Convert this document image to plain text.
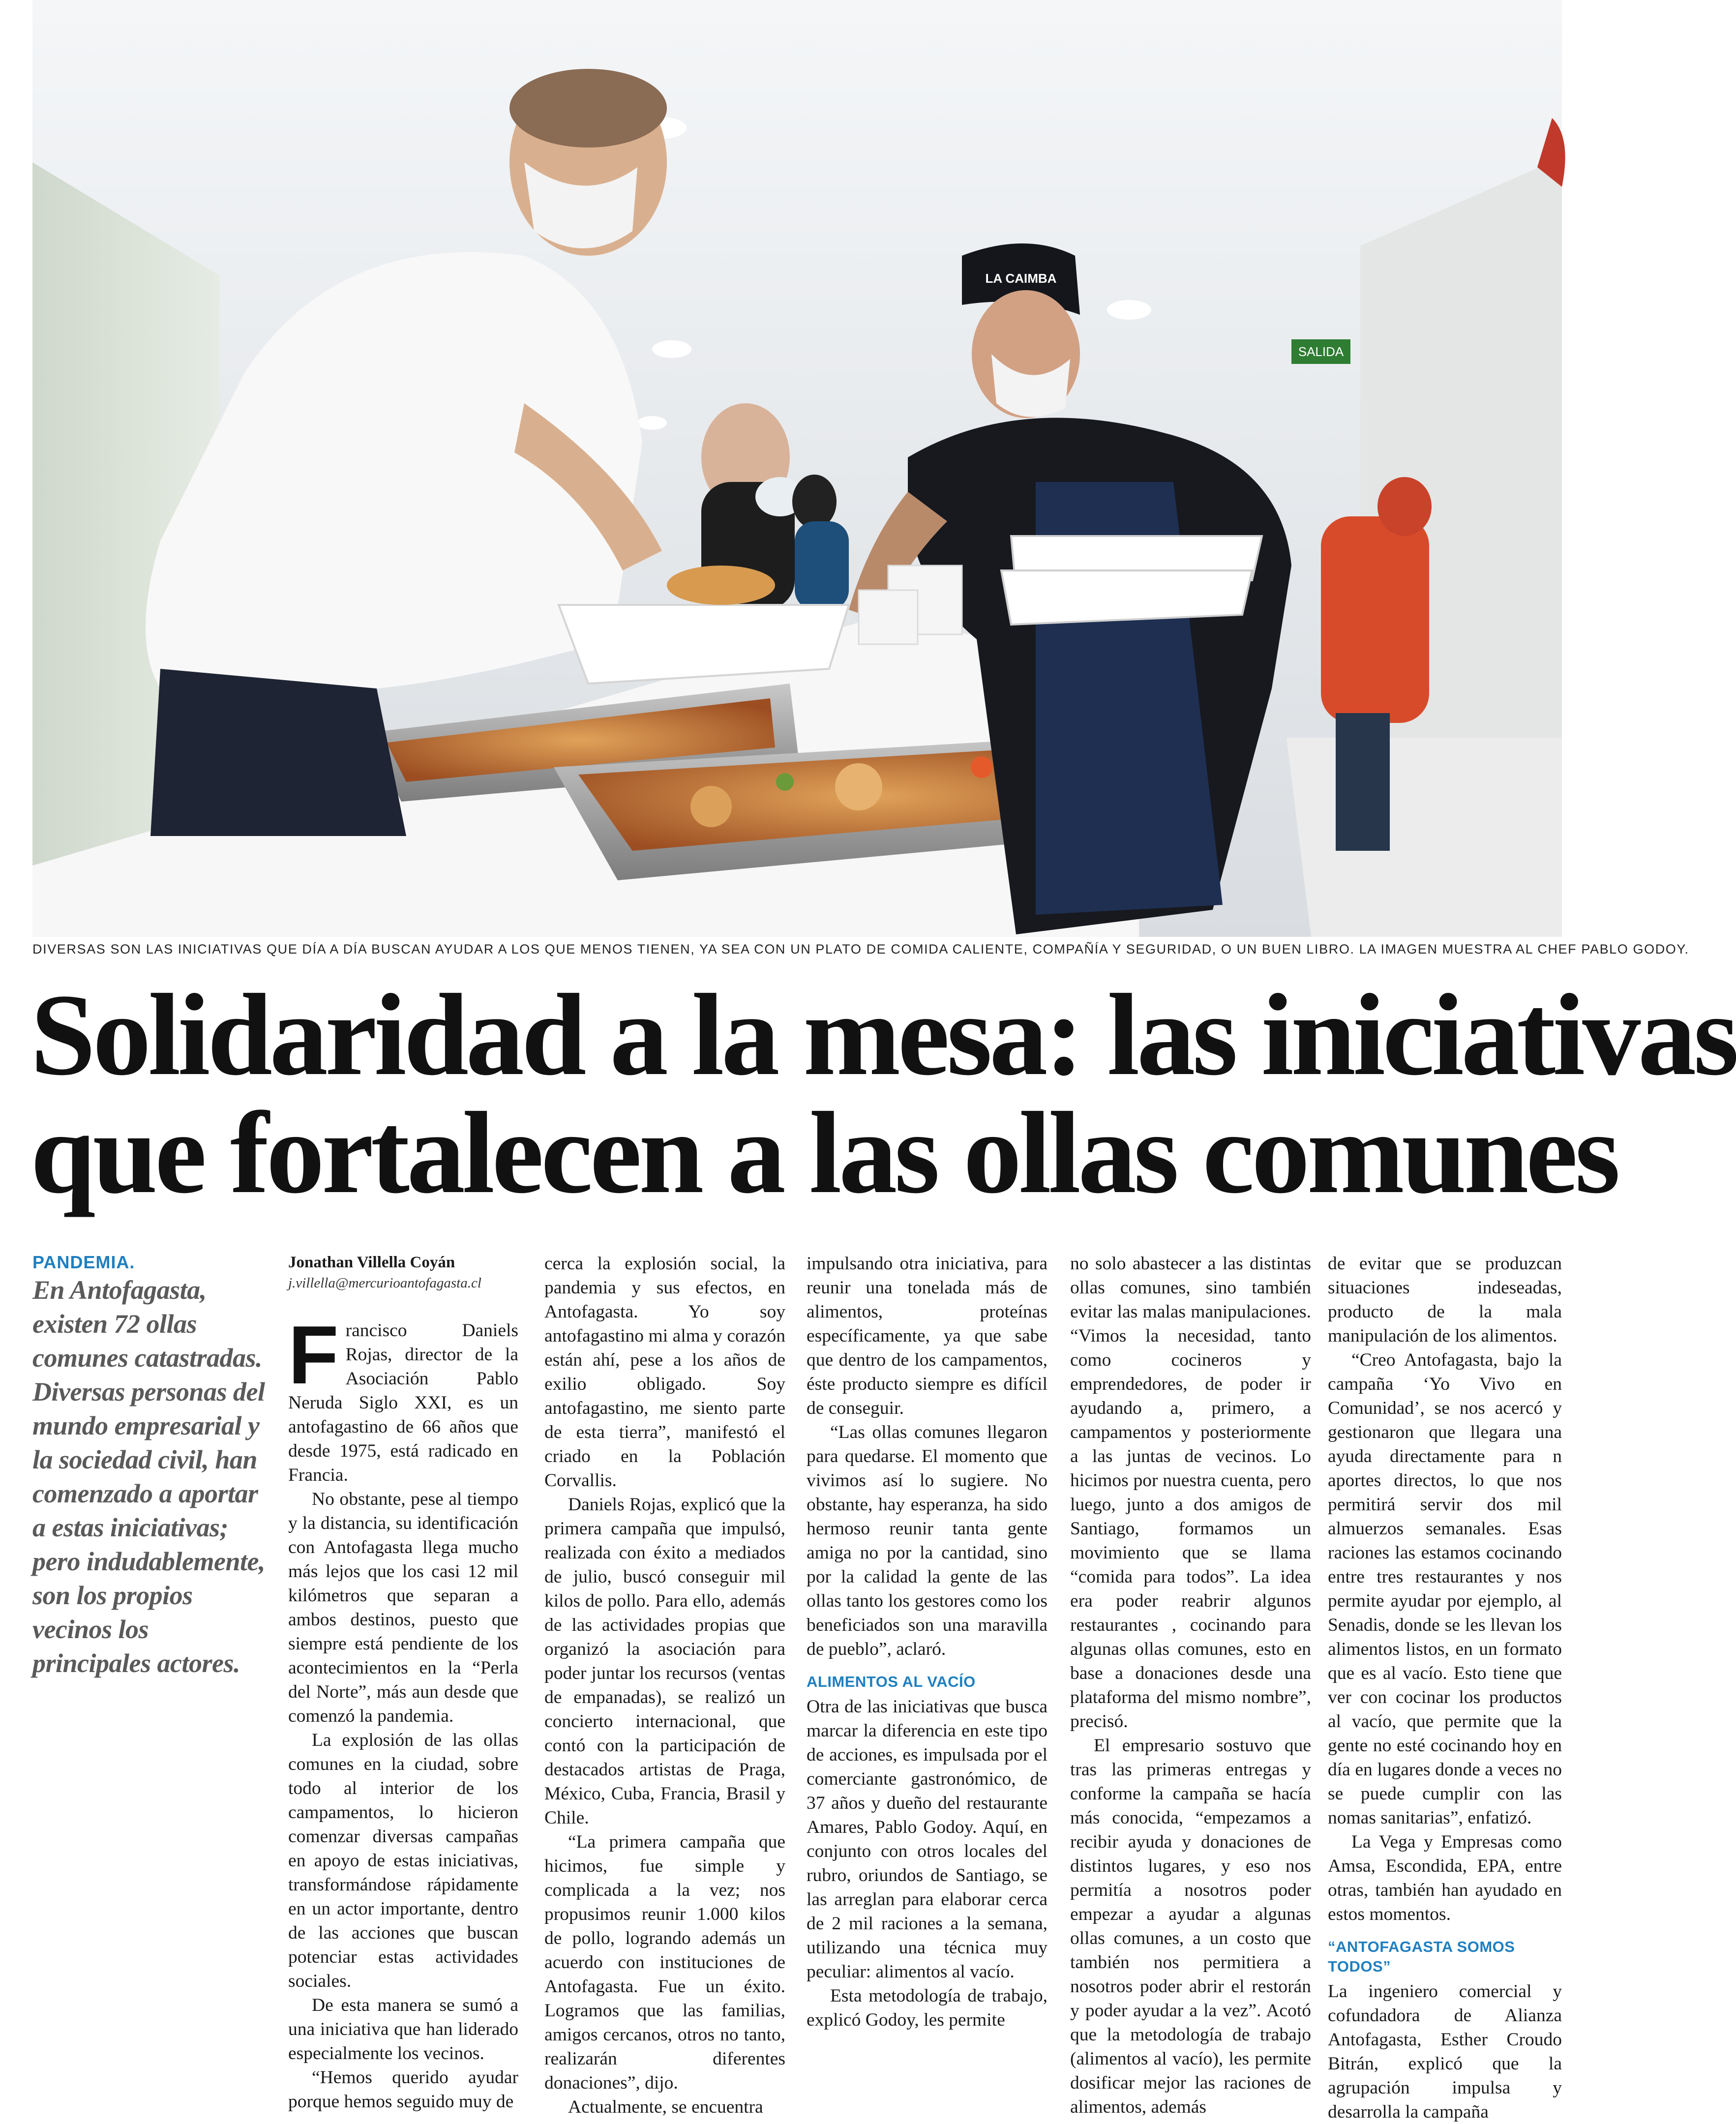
SALIDA
LA CAIMBA
DIVERSAS SON LAS INICIATIVAS QUE DÍA A DÍA BUSCAN AYUDAR A LOS QUE MENOS TIENEN, YA SEA CON UN PLATO DE COMIDA CALIENTE, COMPAÑÍA Y SEGURIDAD, O UN BUEN LIBRO. LA IMAGEN MUESTRA AL CHEF PABLO GODOY.
Solidaridad a la mesa: las iniciativas
que fortalecen a las ollas comunes
PANDEMIA.
En Antofagasta, existen 72 ollas comunes catastradas. Diversas personas del mundo empresarial y la sociedad civil, han comenzado a aportar a estas iniciativas; pero indudablemente, son los propios vecinos los principales actores.
Jonathan Villella Coyán
j.villella@mercurioantofagasta.cl
F rancisco Daniels Rojas, director de la Asociación Pablo Neruda Siglo XXI, es un antofagastino de 66 años que desde 1975, está radicado en Francia.

No obstante, pese al tiempo y la distancia, su identificación con Antofagasta llega mucho más lejos que los casi 12 mil kilómetros que separan a ambos destinos, puesto que siempre está pendiente de los acontecimientos en la “Perla del Norte”, más aun desde que comenzó la pandemia.

La explosión de las ollas comunes en la ciudad, sobre todo al interior de los campamentos, lo hicieron comenzar diversas campañas en apoyo de estas iniciativas, transformándose rápidamente en un actor importante, dentro de las acciones que buscan potenciar estas actividades sociales.

De esta manera se sumó a una iniciativa que han liderado especialmente los vecinos.

“Hemos querido ayudar porque hemos seguido muy de

cerca la explosión social, la pandemia y sus efectos, en Antofagasta. Yo soy antofagastino mi alma y corazón están ahí, pese a los años de exilio obligado. Soy antofagastino, me siento parte de esta tierra”, manifestó el criado en la Población Corvallis.

Daniels Rojas, explicó que la primera campaña que impulsó, realizada con éxito a mediados de julio, buscó conseguir mil kilos de pollo. Para ello, además de las actividades propias que organizó la asociación para poder juntar los recursos (ventas de empanadas), se realizó un concierto internacional, que contó con la participación de destacados artistas de Praga, México, Cuba, Francia, Brasil y Chile.

“La primera campaña que hicimos, fue simple y complicada a la vez; nos propusimos reunir 1.000 kilos de pollo, logrando además un acuerdo con instituciones de Antofagasta. Fue un éxito. Logramos que las familias, amigos cercanos, otros no tanto, realizarán diferentes donaciones”, dijo.

Actualmente, se encuentra

impulsando otra iniciativa, para reunir una tonelada más de alimentos, proteínas específicamente, ya que sabe que dentro de los campamentos, éste producto siempre es difícil de conseguir.

“Las ollas comunes llegaron para quedarse. El momento que vivimos así lo sugiere. No obstante, hay esperanza, ha sido hermoso reunir tanta gente amiga no por la cantidad, sino por la calidad la gente de las ollas tanto los gestores como los beneficiados son una maravilla de pueblo”, aclaró.

ALIMENTOS AL VACÍO

Otra de las iniciativas que busca marcar la diferencia en este tipo de acciones, es impulsada por el comerciante gastronómico, de 37 años y dueño del restaurante Amares, Pablo Godoy. Aquí, en conjunto con otros locales del rubro, oriundos de Santiago, se las arreglan para elaborar cerca de 2 mil raciones a la semana, utilizando una técnica muy peculiar: alimentos al vacío.

Esta metodología de trabajo, explicó Godoy, les permite

no solo abastecer a las distintas ollas comunes, sino también evitar las malas manipulaciones. “Vimos la necesidad, tanto como cocineros y emprendedores, de poder ir ayudando a, primero, a campamentos y posteriormente a las juntas de vecinos. Lo hicimos por nuestra cuenta, pero luego, junto a dos amigos de Santiago, formamos un movimiento que se llama “comida para todos”. La idea era poder reabrir algunos restaurantes , cocinando para algunas ollas comunes, esto en base a donaciones desde una plataforma del mismo nombre”, precisó.

El empresario sostuvo que tras las primeras entregas y conforme la campaña se hacía más conocida, “empezamos a recibir ayuda y donaciones de distintos lugares, y eso nos permitía a nosotros poder empezar a ayudar a algunas ollas comunes, a un costo que también nos permitiera a nosotros poder abrir el restorán y poder ayudar a la vez”. Acotó que la metodología de trabajo (alimentos al vacío), les permite dosificar mejor las raciones de alimentos, además

de evitar que se produzcan situaciones indeseadas, producto de la mala manipulación de los alimentos.

“Creo Antofagasta, bajo la campaña ‘Yo Vivo en Comunidad’, se nos acercó y gestionaron que llegara una ayuda directamente para n aportes directos, lo que nos permitirá servir dos mil almuerzos semanales. Esas raciones las estamos cocinando entre tres restaurantes y nos permite ayudar por ejemplo, al Senadis, donde se les llevan los alimentos listos, en un formato que es al vacío. Esto tiene que ver con cocinar los productos al vacío, que permite que la gente no esté cocinando hoy en día en lugares donde a veces no se puede cumplir con las nomas sanitarias”, enfatizó.

La Vega y Empresas como Amsa, Escondida, EPA, entre otras, también han ayudado en estos momentos.

“ANTOFAGASTA SOMOS TODOS”

La ingeniero comercial y cofundadora de Alianza Antofagasta, Esther Croudo Bitrán, explicó que la agrupación impulsa y desarrolla la campaña
